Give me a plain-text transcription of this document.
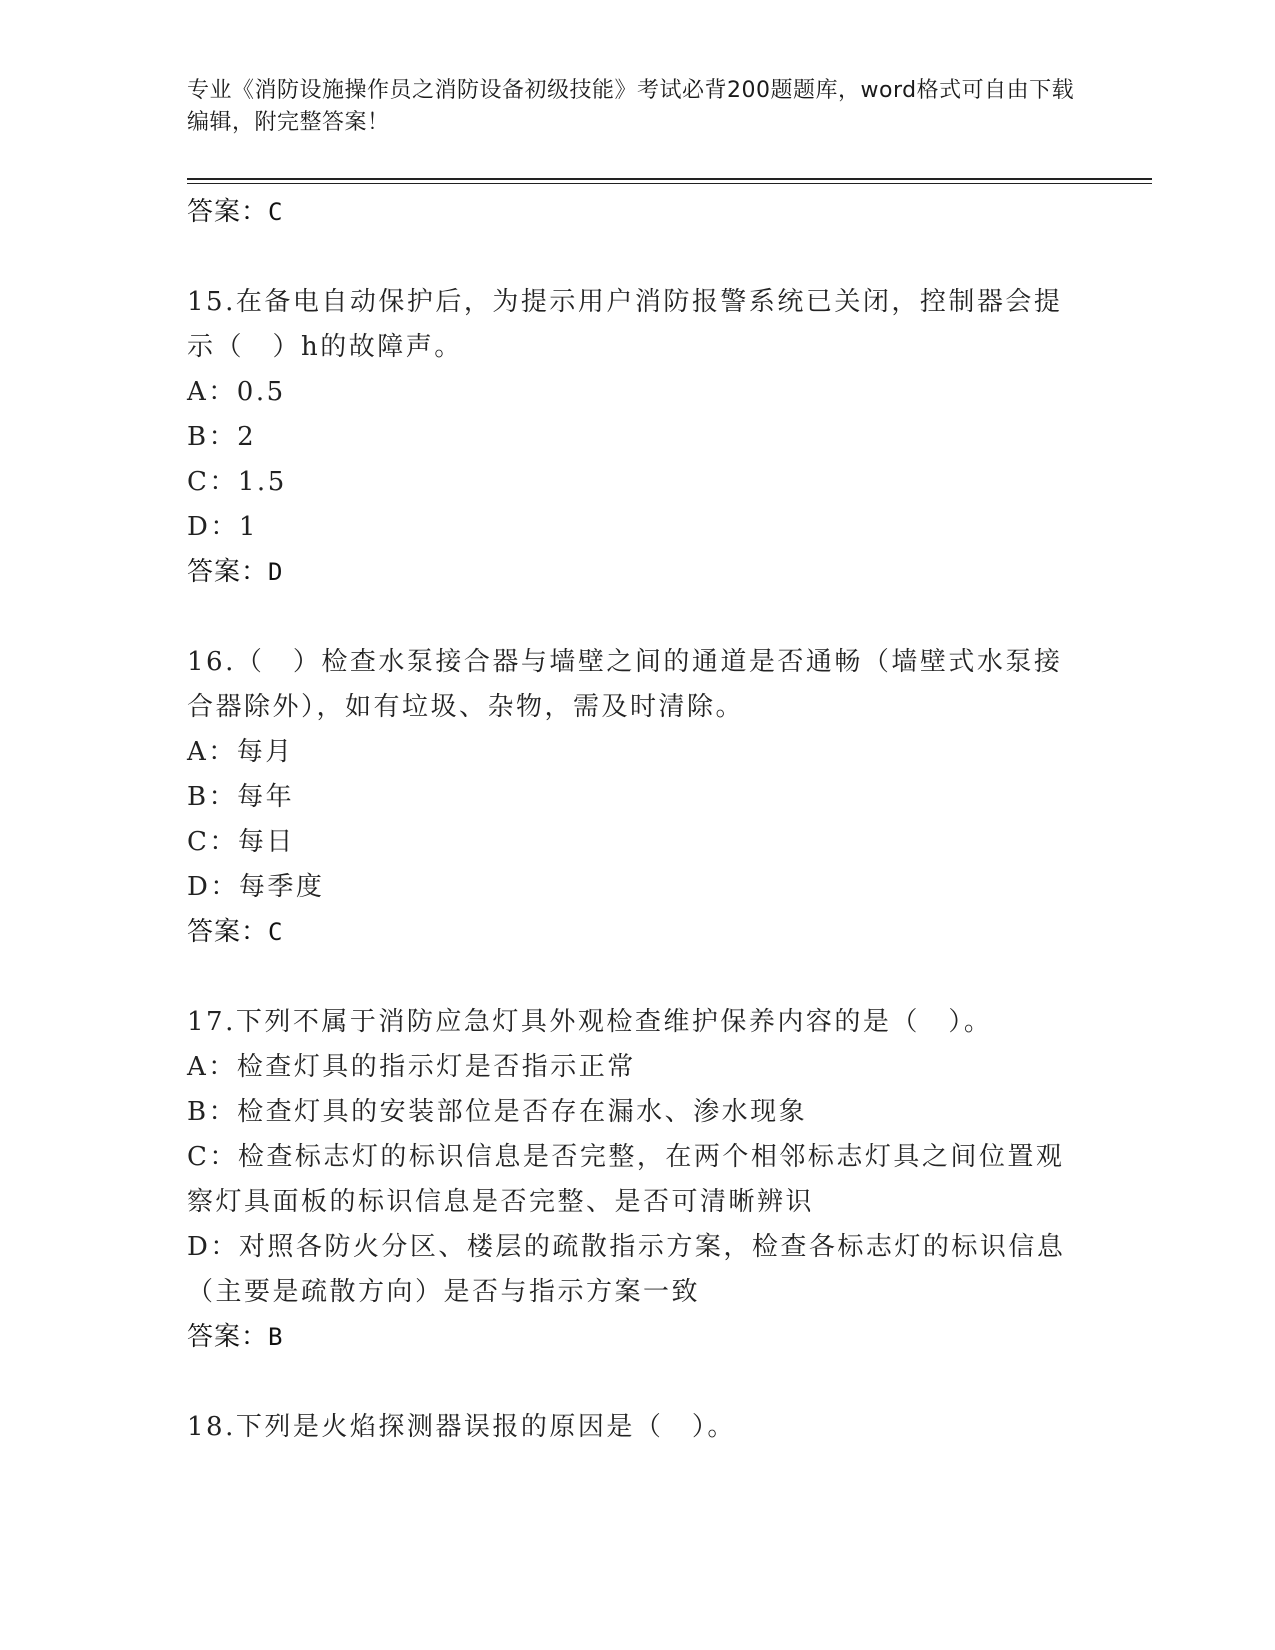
专业《消防设施操作员之消防设备初级技能》考试必背200题题库，word格式可自由下载编辑，附完整答案！
答案：C
15.在备电自动保护后，为提示用户消防报警系统已关闭，控制器会提示（　）h的故障声。
A：0.5
B：2
C：1.5
D：1
答案：D
16.（　）检查水泵接合器与墙壁之间的通道是否通畅（墙壁式水泵接合器除外），如有垃圾、杂物，需及时清除。
A：每月
B：每年
C：每日
D：每季度
答案：C
17.下列不属于消防应急灯具外观检查维护保养内容的是（　）。
A：检查灯具的指示灯是否指示正常
B：检查灯具的安装部位是否存在漏水、渗水现象
C：检查标志灯的标识信息是否完整，在两个相邻标志灯具之间位置观察灯具面板的标识信息是否完整、是否可清晰辨识
D：对照各防火分区、楼层的疏散指示方案，检查各标志灯的标识信息（主要是疏散方向）是否与指示方案一致
答案：B
18.下列是火焰探测器误报的原因是（　）。
